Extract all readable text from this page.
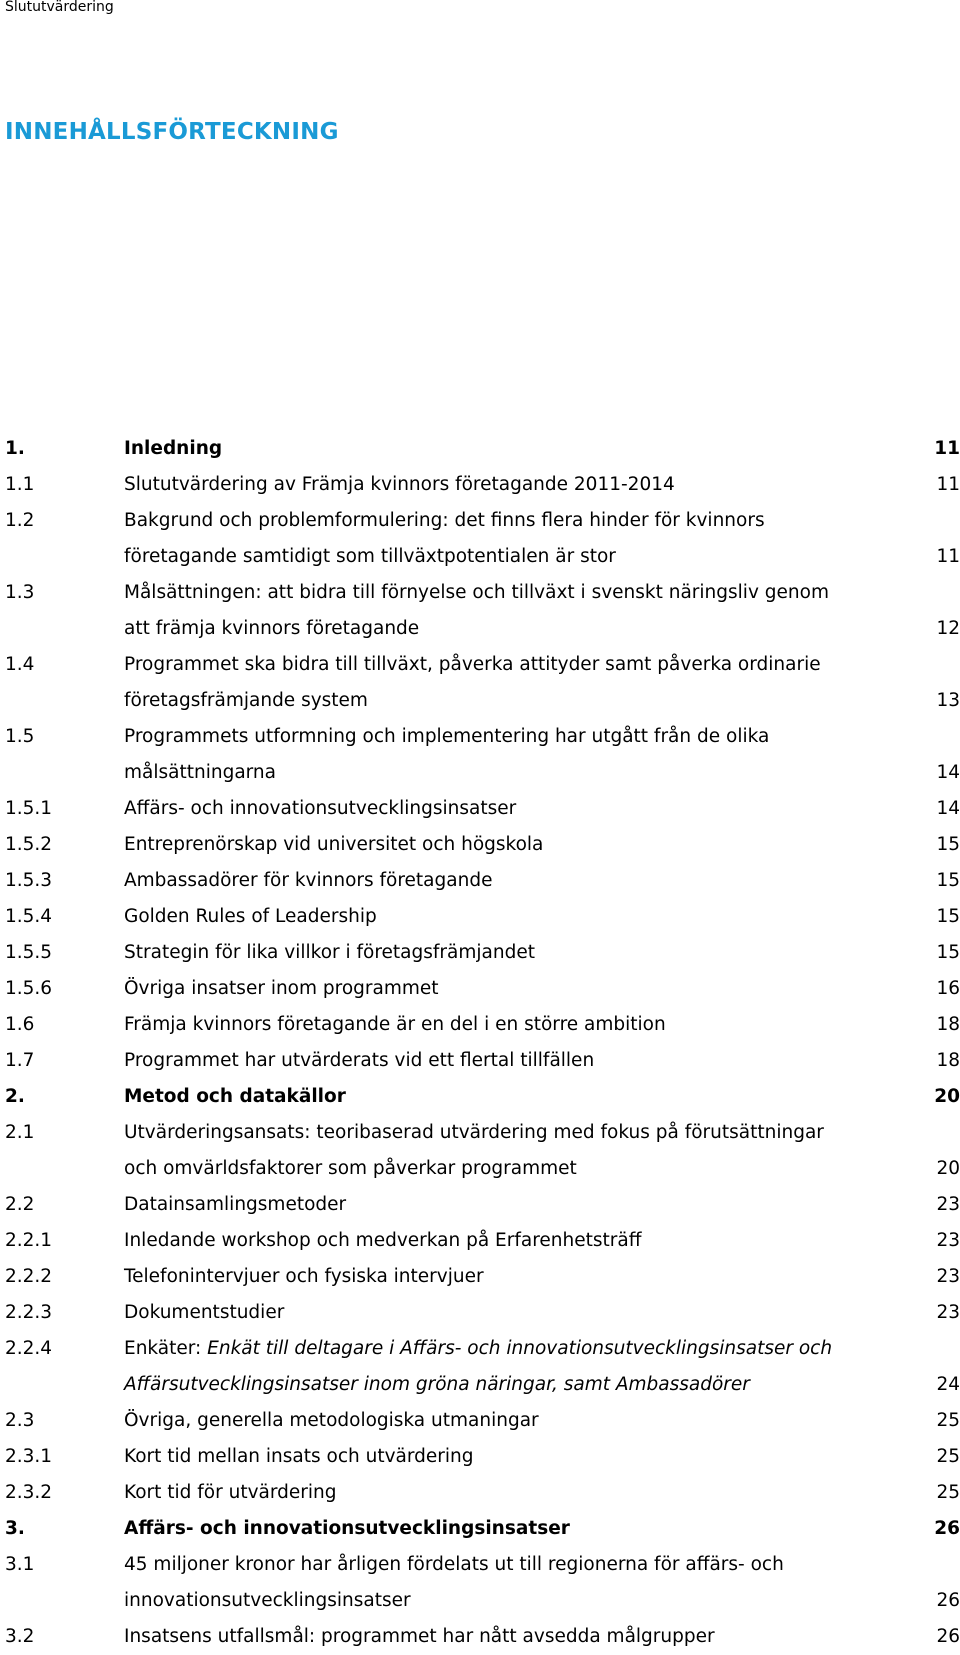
Slututvärdering
INNEHÅLLSFÖRTECKNING
1.	Inledning	11
1.1	Slututvärdering av Främja kvinnors företagande 2011-2014	11
1.2	Bakgrund och problemformulering: det finns flera hinder för kvinnors
företagande samtidigt som tillväxtpotentialen är stor	11
1.3	Målsättningen: att bidra till förnyelse och tillväxt i svenskt näringsliv genom
att främja kvinnors företagande	12
1.4	Programmet ska bidra till tillväxt, påverka attityder samt påverka ordinarie
företagsfrämjande system	13
1.5	Programmets utformning och implementering har utgått från de olika
målsättningarna	14
1.5.1	Affärs- och innovationsutvecklingsinsatser	14
1.5.2	Entreprenörskap vid universitet och högskola	15
1.5.3	Ambassadörer för kvinnors företagande	15
1.5.4	Golden Rules of Leadership	15
1.5.5	Strategin för lika villkor i företagsfrämjandet	15
1.5.6	Övriga insatser inom programmet	16
1.6	Främja kvinnors företagande är en del i en större ambition	18
1.7	Programmet har utvärderats vid ett flertal tillfällen	18
2.	Metod och datakällor	20
2.1	Utvärderingsansats: teoribaserad utvärdering med fokus på förutsättningar
och omvärldsfaktorer som påverkar programmet	20
2.2	Datainsamlingsmetoder	23
2.2.1	Inledande workshop och medverkan på Erfarenhetsträff	23
2.2.2	Telefonintervjuer och fysiska intervjuer	23
2.2.3	Dokumentstudier	23
2.2.4	Enkäter: Enkät till deltagare i Affärs- och innovationsutvecklingsinsatser och
Affärsutvecklingsinsatser inom gröna näringar, samt Ambassadörer	24
2.3	Övriga, generella metodologiska utmaningar	25
2.3.1	Kort tid mellan insats och utvärdering	25
2.3.2	Kort tid för utvärdering	25
3.	Affärs- och innovationsutvecklingsinsatser	26
3.1	45 miljoner kronor har årligen fördelats ut till regionerna för affärs- och
innovationsutvecklingsinsatser	26
3.2	Insatsens utfallsmål: programmet har nått avsedda målgrupper	26
